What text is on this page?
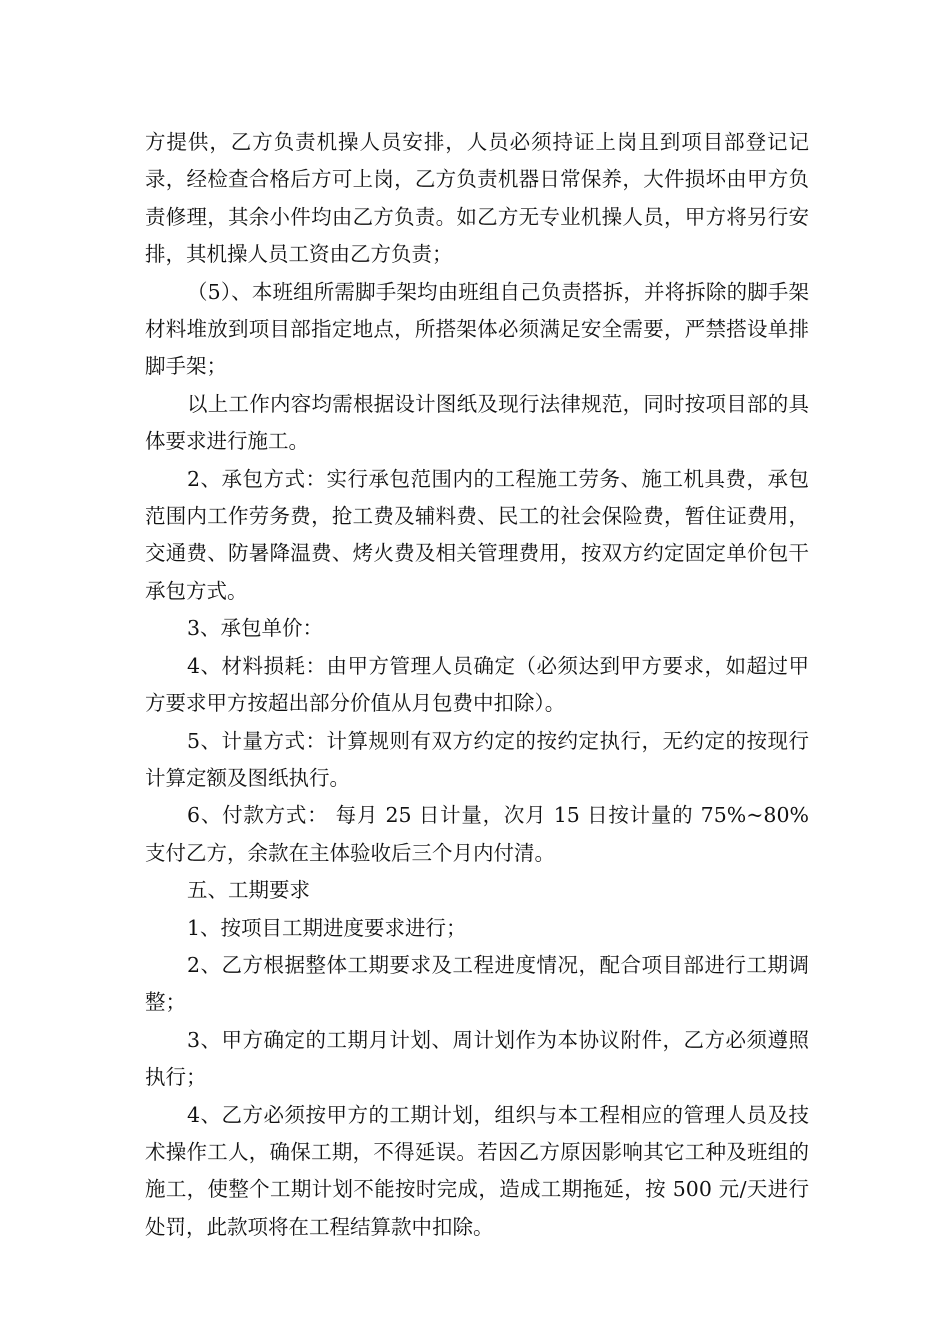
方提供，乙方负责机操人员安排，人员必须持证上岗且到项目部登记记录，经检查合格后方可上岗，乙方负责机器日常保养，大件损坏由甲方负责修理，其余小件均由乙方负责。如乙方无专业机操人员，甲方将另行安排，其机操人员工资由乙方负责；

（5）、本班组所需脚手架均由班组自己负责搭拆，并将拆除的脚手架材料堆放到项目部指定地点，所搭架体必须满足安全需要，严禁搭设单排脚手架；

以上工作内容均需根据设计图纸及现行法律规范，同时按项目部的具体要求进行施工。

2、承包方式：实行承包范围内的工程施工劳务、施工机具费，承包范围内工作劳务费，抢工费及辅料费、民工的社会保险费，暂住证费用，交通费、防暑降温费、烤火费及相关管理费用，按双方约定固定单价包干承包方式。

3、承包单价：

4、材料损耗：由甲方管理人员确定（必须达到甲方要求，如超过甲方要求甲方按超出部分价值从月包费中扣除）。

5、计量方式：计算规则有双方约定的按约定执行，无约定的按现行计算定额及图纸执行。

6、付款方式： 每月 25 日计量，次月 15 日按计量的 75%~80%支付乙方，余款在主体验收后三个月内付清。

五、工期要求

1、按项目工期进度要求进行；

2、乙方根据整体工期要求及工程进度情况，配合项目部进行工期调整；

3、甲方确定的工期月计划、周计划作为本协议附件，乙方必须遵照执行；

4、乙方必须按甲方的工期计划，组织与本工程相应的管理人员及技术操作工人，确保工期，不得延误。若因乙方原因影响其它工种及班组的施工，使整个工期计划不能按时完成，造成工期拖延，按 500 元/天进行处罚，此款项将在工程结算款中扣除。
